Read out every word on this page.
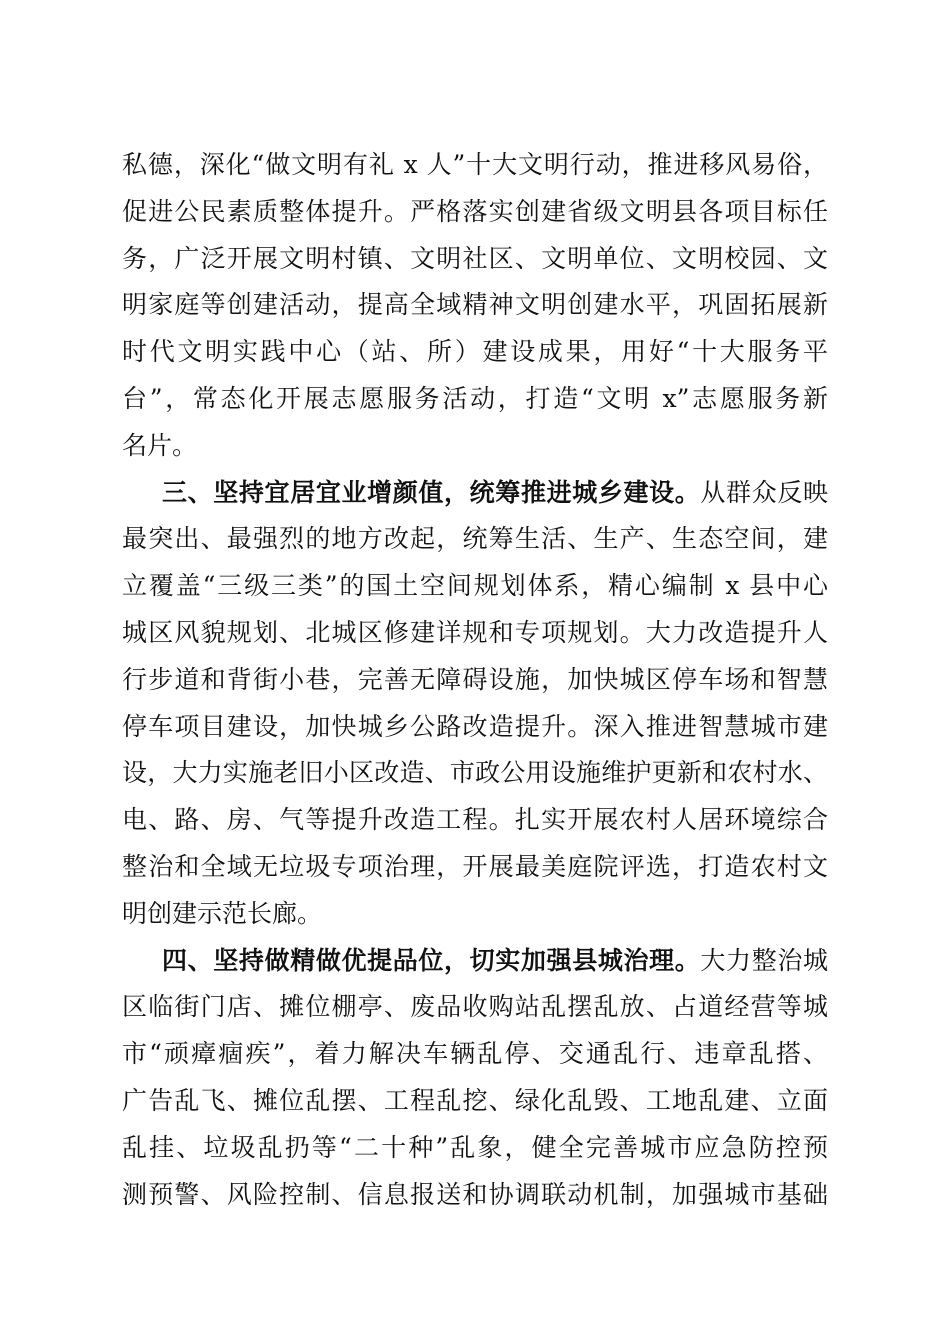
私德，深化“做文明有礼 x 人”十大文明行动，推进移风易俗，
促进公民素质整体提升。严格落实创建省级文明县各项目标任
务，广泛开展文明村镇、文明社区、文明单位、文明校园、文
明家庭等创建活动，提高全域精神文明创建水平，巩固拓展新
时代文明实践中心（站、所）建设成果，用好“十大服务平
台”，常态化开展志愿服务活动，打造“文明 x”志愿服务新
名片。
三、坚持宜居宜业增颜值，统筹推进城乡建设。从群众反映
最突出、最强烈的地方改起，统筹生活、生产、生态空间，建
立覆盖“三级三类”的国土空间规划体系，精心编制 x 县中心
城区风貌规划、北城区修建详规和专项规划。大力改造提升人
行步道和背街小巷，完善无障碍设施，加快城区停车场和智慧
停车项目建设，加快城乡公路改造提升。深入推进智慧城市建
设，大力实施老旧小区改造、市政公用设施维护更新和农村水、
电、路、房、气等提升改造工程。扎实开展农村人居环境综合
整治和全域无垃圾专项治理，开展最美庭院评选，打造农村文
明创建示范长廊。
四、坚持做精做优提品位，切实加强县城治理。大力整治城
区临街门店、摊位棚亭、废品收购站乱摆乱放、占道经营等城
市“顽瘴痼疾”，着力解决车辆乱停、交通乱行、违章乱搭、
广告乱飞、摊位乱摆、工程乱挖、绿化乱毁、工地乱建、立面
乱挂、垃圾乱扔等“二十种”乱象，健全完善城市应急防控预
测预警、风险控制、信息报送和协调联动机制，加强城市基础
